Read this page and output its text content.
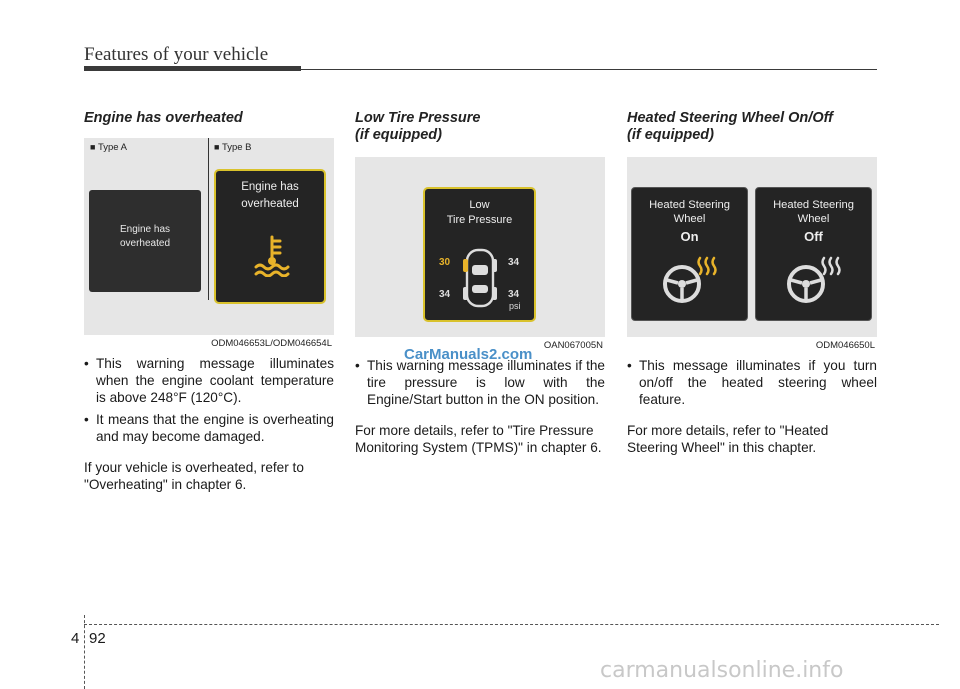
Features of your vehicle
Engine has overheated
■ Type A
■	Type B
Engine has
overheated
Engine has
overheated
ODM046653L/ODM046654L
• This warning message illuminates when the engine coolant temperature is above 248°F (120°C).
• It means that the engine is overheating and may become damaged.

If your vehicle is overheated, refer to "Overheating" in chapter 6.

Low Tire Pressure
(if equipped)
Low
Tire Pressure
30	34
34	34
psi
OAN067005N
• This warning message illuminates if the tire pressure is low with the Engine/Start button in the ON position.

For more details, refer to "Tire Pressure Monitoring System (TPMS)" in chapter 6.

Heated Steering Wheel On/Off
(if equipped)
Heated Steering
Wheel
On
Heated Steering
Wheel
Off
ODM046650L
• This message illuminates if you turn on/off the heated steering wheel feature.

For more details, refer to "Heated Steering Wheel" in this chapter.

CarManuals2.com
4 92
carmanualsonline.info
